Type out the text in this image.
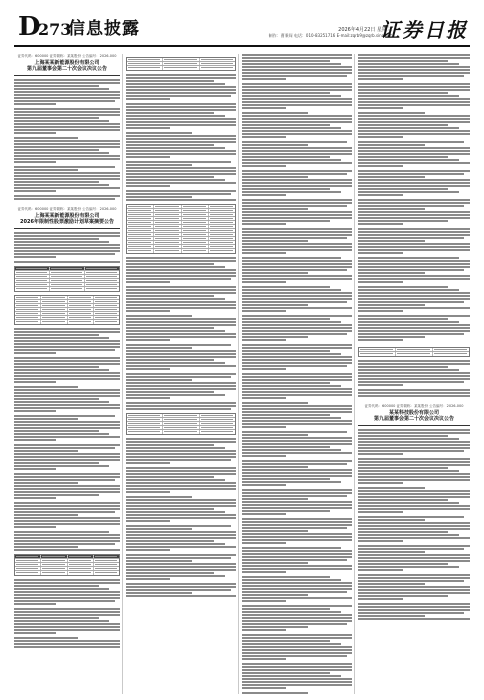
D
273
信息披露	2026年4月22日 星期三
制作：曹秉琛 电话：010-83251716 E-mail:zqrb9@zqrb.sina.net
证券日报
证券代码：600000 证券简称：某某股份 公告编号：2026-000
上海某某新能源股份有限公司
第九届董事会第二十次会议决议公告
证券代码：600000 证券简称：某某股份 公告编号：2026-000
上海某某新能源股份有限公司
2026年限制性股票激励计划草案摘要公告
证券代码：600000 证券简称：某某股份 公告编号：2026-000
某某科技股份有限公司
第九届董事会第二十次会议决议公告
